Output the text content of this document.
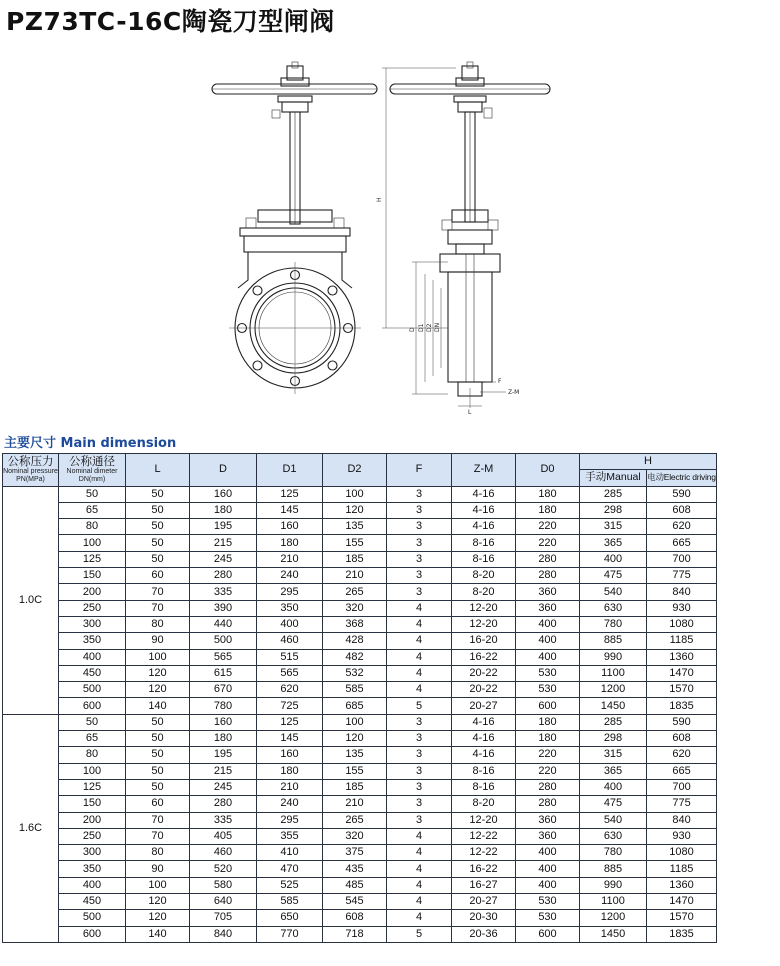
PZ73TC-16C陶瓷刀型闸阀
H
D D1 D2 DN
F
Z-M
L
主要尺寸 Main dimension
公称压力
Nominal pressure
PN(MPa)	公称通径
Nominal dimeter
DN(mm)	L	D	D1	D2	F	Z-M	D0	H	
									手动Manual	电动Electric driving
1.0C	50	50	160	125	100	3	4-16	180	285	590
	65	50	180	145	120	3	4-16	180	298	608
	80	50	195	160	135	3	4-16	220	315	620
	100	50	215	180	155	3	8-16	220	365	665
	125	50	245	210	185	3	8-16	280	400	700
	150	60	280	240	210	3	8-20	280	475	775
	200	70	335	295	265	3	8-20	360	540	840
	250	70	390	350	320	4	12-20	360	630	930
	300	80	440	400	368	4	12-20	400	780	1080
	350	90	500	460	428	4	16-20	400	885	1185
	400	100	565	515	482	4	16-22	400	990	1360
	450	120	615	565	532	4	20-22	530	1100	1470
	500	120	670	620	585	4	20-22	530	1200	1570
	600	140	780	725	685	5	20-27	600	1450	1835
1.6C	50	50	160	125	100	3	4-16	180	285	590
	65	50	180	145	120	3	4-16	180	298	608
	80	50	195	160	135	3	4-16	220	315	620
	100	50	215	180	155	3	8-16	220	365	665
	125	50	245	210	185	3	8-16	280	400	700
	150	60	280	240	210	3	8-20	280	475	775
	200	70	335	295	265	3	12-20	360	540	840
	250	70	405	355	320	4	12-22	360	630	930
	300	80	460	410	375	4	12-22	400	780	1080
	350	90	520	470	435	4	16-22	400	885	1185
	400	100	580	525	485	4	16-27	400	990	1360
	450	120	640	585	545	4	20-27	530	1100	1470
	500	120	705	650	608	4	20-30	530	1200	1570
	600	140	840	770	718	5	20-36	600	1450	1835
